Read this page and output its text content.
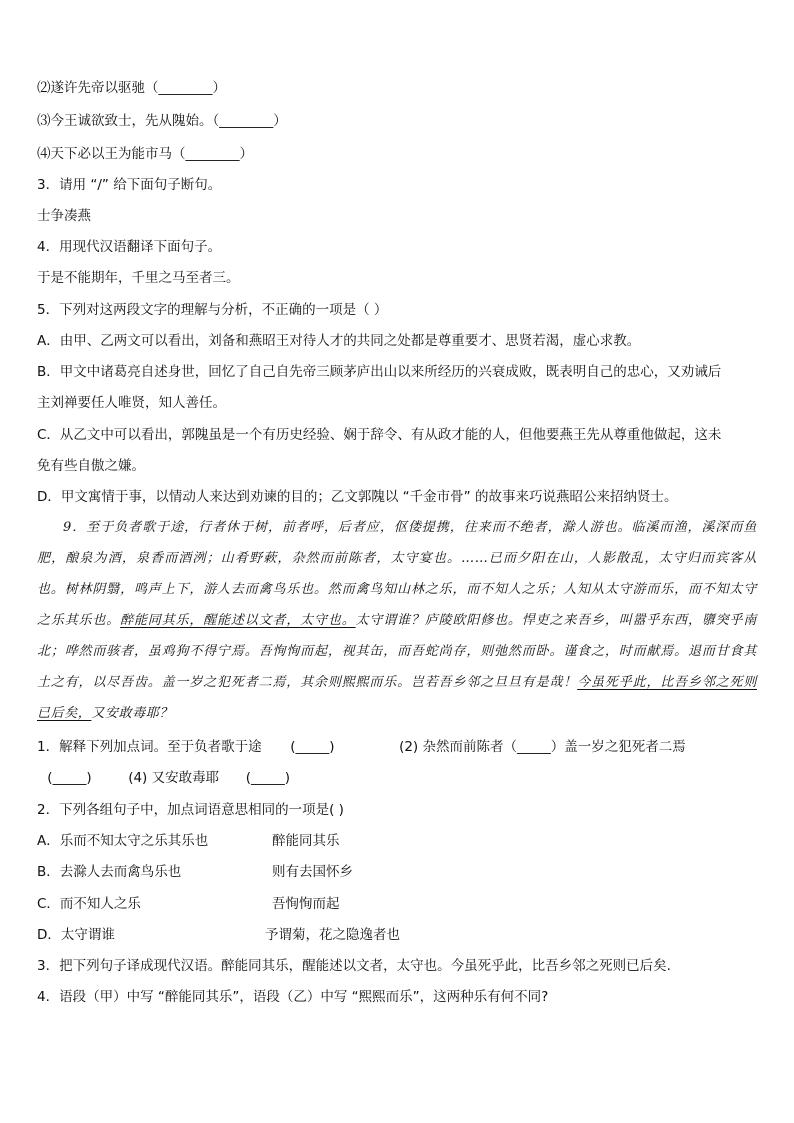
⑵遂许先帝以驱驰（________）
⑶今王诚欲致士，先从隗始。（________）
⑷天下必以王为能市马（________）
3．请用 “/” 给下面句子断句。
士争凑燕
4．用现代汉语翻译下面句子。
于是不能期年，千里之马至者三。
5．下列对这两段文字的理解与分析，不正确的一项是（ ）
A．由甲、乙两文可以看出，刘备和燕昭王对待人才的共同之处都是尊重要才、思贤若渴，虚心求教。
B．甲文中诸葛亮自述身世，回忆了自己自先帝三顾茅庐出山以来所经历的兴衰成败，既表明自己的忠心，又劝诫后
主刘禅要任人唯贤，知人善任。
C．从乙文中可以看出，郭隗虽是一个有历史经验、娴于辞令、有从政才能的人，但他要燕王先从尊重他做起，这未
免有些自傲之嫌。
D．甲文寓情于事，以情动人来达到劝谏的目的；乙文郭隗以 “千金市骨” 的故事来巧说燕昭公来招纳贤士。
9．至于负者歌于途，行者休于树，前者呼，后者应，伛偻提携，往来而不绝者，滁人游也。临溪而渔，溪深而鱼肥，酿泉为酒，泉香而酒洌；山肴野蔌，杂然而前陈者，太守宴也。……已而夕阳在山，人影散乱，太守归而宾客从也。树林阴翳，鸣声上下，游人去而禽鸟乐也。然而禽鸟知山林之乐，而不知人之乐；人知从太守游而乐，而不知太守之乐其乐也。醉能同其乐，醒能述以文者，太守也。太守谓谁？庐陵欧阳修也。悍吏之来吾乡，叫嚣乎东西，隳突乎南北；哗然而骇者，虽鸡狗不得宁焉。吾恂恂而起，视其缶，而吾蛇尚存，则弛然而卧。谨食之，时而献焉。退而甘食其土之有，以尽吾齿。盖一岁之犯死者二焉，其余则熙熙而乐。岂若吾乡邻之旦旦有是哉！今虽死乎此，比吾乡邻之死则已后矣，又安敢毒耶？
1．解释下列加点词。至于负者歌于途 (_____)	(2) 杂然而前陈者（_____）盖一岁之犯死者二焉
(_____)	(4) 又安敢毒耶 (_____)
2．下列各组句子中，加点词语意思相同的一项是( )
A．乐而不知太守之乐其乐也	醉能同其乐
B．去滁人去而禽鸟乐也	则有去国怀乡
C．而不知人之乐	吾恂恂而起
D．太守谓谁	予谓菊，花之隐逸者也
3．把下列句子译成现代汉语。醉能同其乐，醒能述以文者，太守也。今虽死乎此，比吾乡邻之死则已后矣.
4．语段（甲）中写 “醉能同其乐”，语段（乙）中写 “熙熙而乐”，这两种乐有何不同?
